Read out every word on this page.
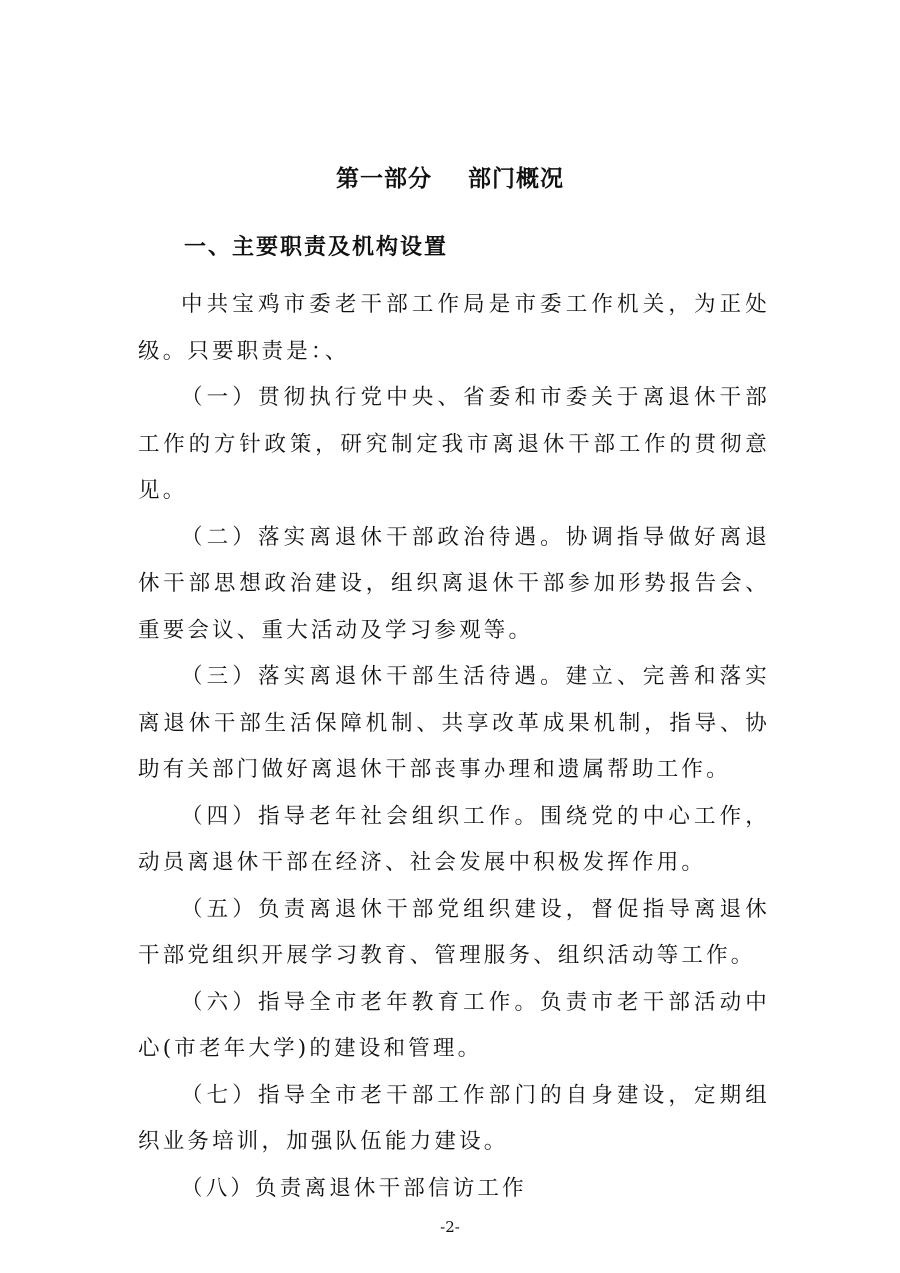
第一部分    部门概况
一、主要职责及机构设置

中共宝鸡市委老干部工作局是市委工作机关，为正处级。只要职责是：、

（一）贯彻执行党中央、省委和市委关于离退休干部工作的方针政策，研究制定我市离退休干部工作的贯彻意见。

（二）落实离退休干部政治待遇。协调指导做好离退休干部思想政治建设，组织离退休干部参加形势报告会、重要会议、重大活动及学习参观等。

（三）落实离退休干部生活待遇。建立、完善和落实离退休干部生活保障机制、共享改革成果机制，指导、协助有关部门做好离退休干部丧事办理和遗属帮助工作。

（四）指导老年社会组织工作。围绕党的中心工作，动员离退休干部在经济、社会发展中积极发挥作用。

（五）负责离退休干部党组织建设，督促指导离退休干部党组织开展学习教育、管理服务、组织活动等工作。

（六）指导全市老年教育工作。负责市老干部活动中心(市老年大学)的建设和管理。

（七）指导全市老干部工作部门的自身建设，定期组织业务培训，加强队伍能力建设。

（八）负责离退休干部信访工作

-2-
